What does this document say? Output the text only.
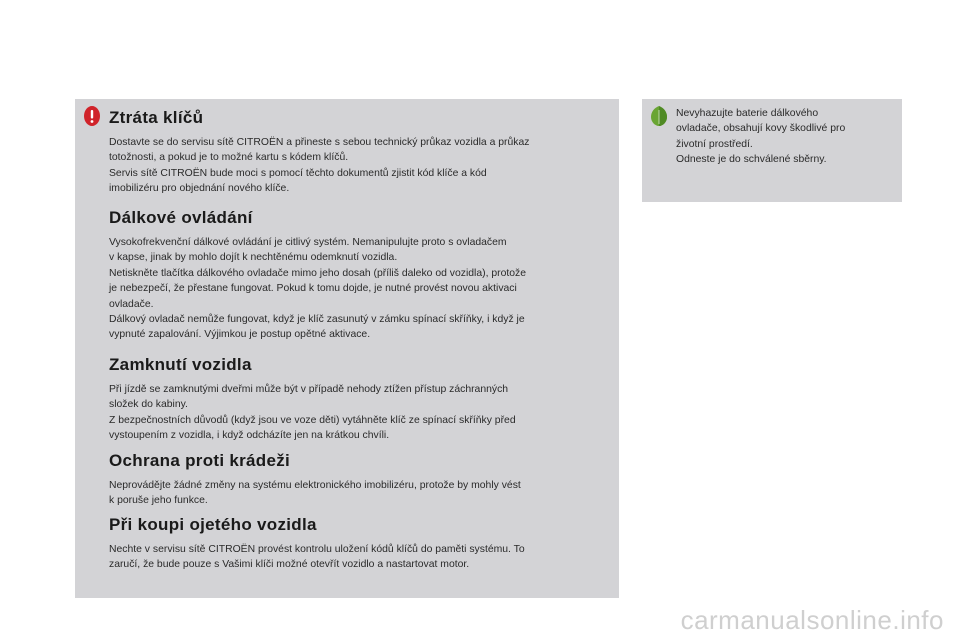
Ztráta klíčů
Dostavte se do servisu sítě CITROËN a přineste s sebou technický průkaz vozidla a průkaz
totožnosti, a pokud je to možné kartu s kódem klíčů.
Servis sítě CITROËN bude moci s pomocí těchto dokumentů zjistit kód klíče a kód
imobilizéru pro objednání nového klíče.
Dálkové ovládání
Vysokofrekvenční dálkové ovládání je citlivý systém. Nemanipulujte proto s ovladačem
v kapse, jinak by mohlo dojít k nechtěnému odemknutí vozidla.
Netiskněte tlačítka dálkového ovladače mimo jeho dosah (příliš daleko od vozidla), protože
je nebezpečí, že přestane fungovat. Pokud k tomu dojde, je nutné provést novou aktivaci
ovladače.
Dálkový ovladač nemůže fungovat, když je klíč zasunutý v zámku spínací skříňky, i když je
vypnuté zapalování. Výjimkou je postup opětné aktivace.
Zamknutí vozidla
Při jízdě se zamknutými dveřmi může být v případě nehody ztížen přístup záchranných
složek do kabiny.
Z bezpečnostních důvodů (když jsou ve voze děti) vytáhněte klíč ze spínací skříňky před
vystoupením z vozidla, i když odcházíte jen na krátkou chvíli.
Ochrana proti krádeži
Neprovádějte žádné změny na systému elektronického imobilizéru, protože by mohly vést
k poruše jeho funkce.
Při koupi ojetého vozidla
Nechte v servisu sítě CITROËN provést kontrolu uložení kódů klíčů do paměti systému. To
zaručí, že bude pouze s Vašimi klíči možné otevřít vozidlo a nastartovat motor.
Nevyhazujte baterie dálkového
ovladače, obsahují kovy škodlivé pro
životní prostředí.
Odneste je do schválené sběrny.
carmanualsonline.info
